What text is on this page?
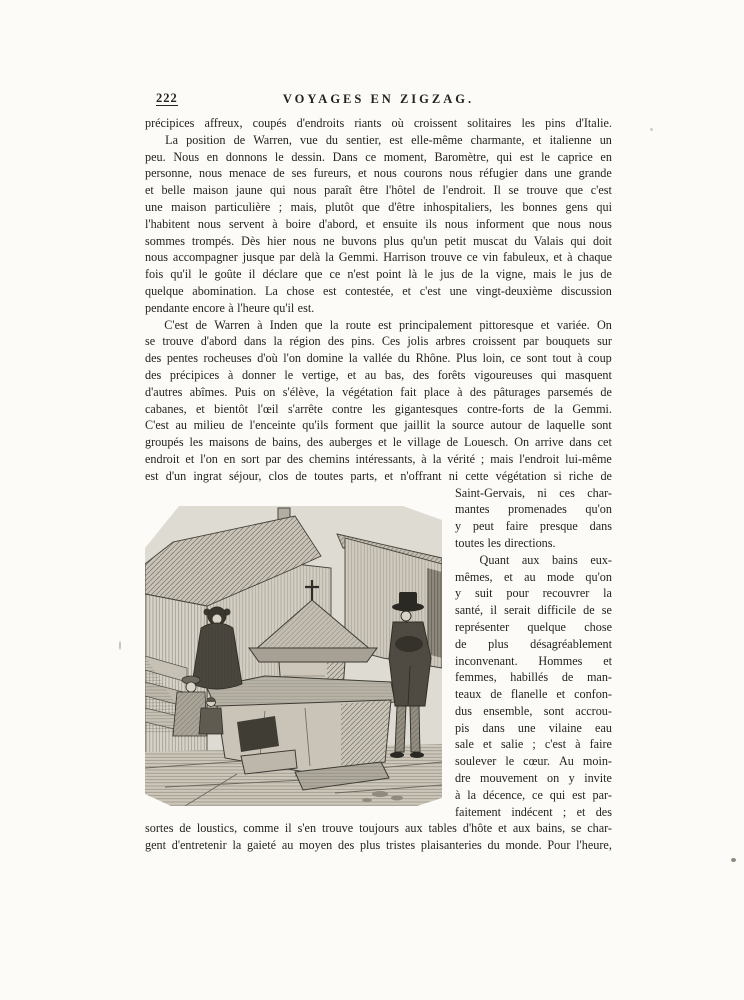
222	VOYAGES EN ZIGZAG.
précipices affreux, coupés d'endroits riants où croissent solitaires les pins d'Italie.
La position de Warren, vue du sentier, est elle-même charmante, et italienne un
peu. Nous en donnons le dessin. Dans ce moment, Baromètre, qui est le caprice en
personne, nous menace de ses fureurs, et nous courons nous réfugier dans une grande
et belle maison jaune qui nous paraît être l'hôtel de l'endroit. Il se trouve que c'est
une maison particulière ; mais, plutôt que d'être inhospitaliers, les bonnes gens qui
l'habitent nous servent à boire d'abord, et ensuite ils nous informent que nous nous
sommes trompés. Dès hier nous ne buvons plus qu'un petit muscat du Valais qui doit
nous accompagner jusque par delà la Gemmi. Harrison trouve ce vin fabuleux, et à chaque
fois qu'il le goûte il déclare que ce n'est point là le jus de la vigne, mais le jus de
quelque abomination. La chose est contestée, et c'est une vingt-deuxième discussion
pendante encore à l'heure qu'il est.
C'est de Warren à Inden que la route est principalement pittoresque et variée. On
se trouve d'abord dans la région des pins. Ces jolis arbres croissent par bouquets sur
des pentes rocheuses d'où l'on domine la vallée du Rhône. Plus loin, ce sont tout à coup
des précipices à donner le vertige, et au bas, des forêts vigoureuses qui masquent
d'autres abîmes. Puis on s'élève, la végétation fait place à des pâturages parsemés de
cabanes, et bientôt l'œil s'arrête contre les gigantesques contre-forts de la Gemmi.
C'est au milieu de l'enceinte qu'ils forment que jaillit la source autour de laquelle sont
groupés les maisons de bains, des auberges et le village de Louesch. On arrive dans cet
endroit et l'on en sort par des chemins intéressants, à la vérité ; mais l'endroit lui-même
est d'un ingrat séjour, clos de toutes parts, et n'offrant ni cette végétation si riche de
Saint-Gervais, ni ces char-
mantes promenades qu'on
y peut faire presque dans
toutes les directions.
Quant aux bains eux-
mêmes, et au mode qu'on
y suit pour recouvrer la
santé, il serait difficile de se
représenter quelque chose
de plus désagréablement
inconvenant. Hommes et
femmes, habillés de man-
teaux de flanelle et confon-
dus ensemble, sont accrou-
pis dans une vilaine eau
sale et salie ; c'est à faire
soulever le cœur. Au moin-
dre mouvement on y invite
à la décence, ce qui est par-
faitement indécent ; et des
sortes de loustics, comme il s'en trouve toujours aux tables d'hôte et aux bains, se char-
gent d'entretenir la gaieté au moyen des plus tristes plaisanteries du monde. Pour l'heure,
